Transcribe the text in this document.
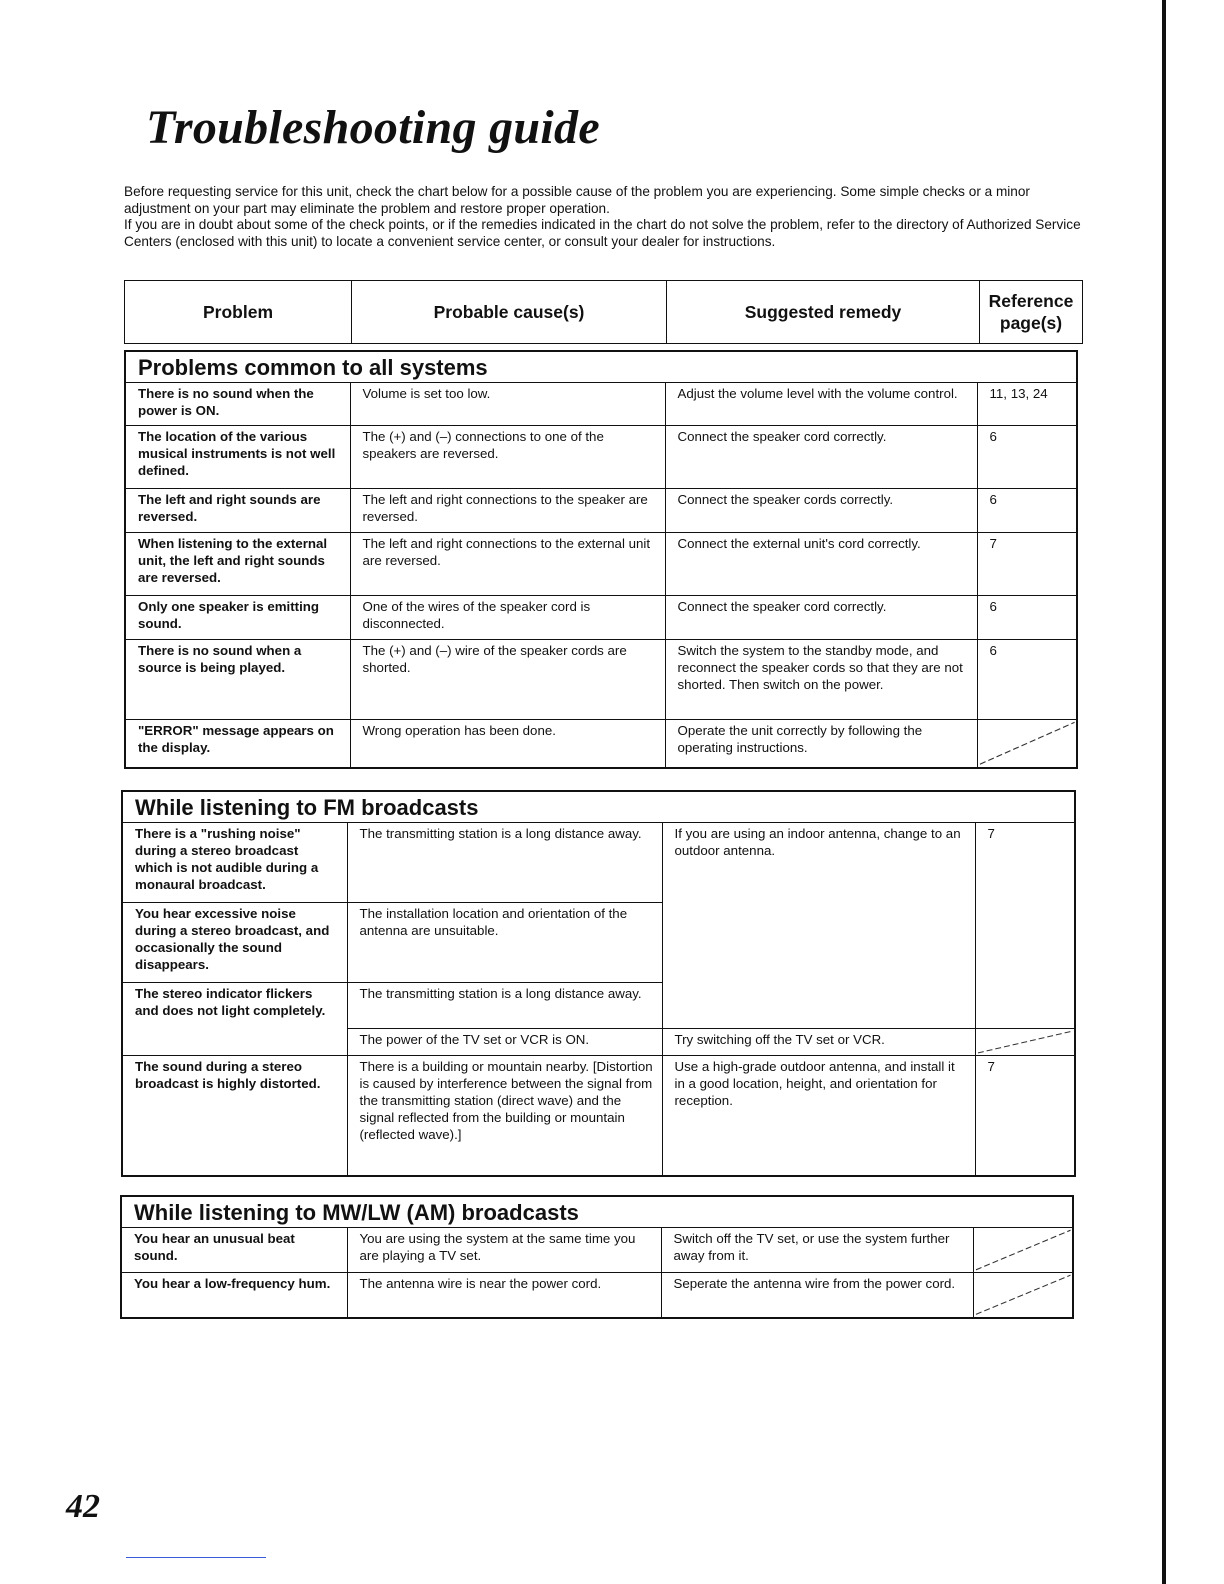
Troubleshooting guide

Before requesting service for this unit, check the chart below for a possible cause of the problem you are experiencing. Some simple checks or a minor adjustment on your part may eliminate the problem and restore proper operation.

If you are in doubt about some of the check points, or if the remedies indicated in the chart do not solve the problem, refer to the directory of Authorized Service Centers (enclosed with this unit) to locate a convenient service center, or consult your dealer for instructions.

Problem	Probable cause(s)	Suggested remedy	Reference page(s)
Problems common to all systems			
There is no sound when the power is ON.	Volume is set too low.	Adjust the volume level with the volume control.	11, 13, 24
The location of the various musical instruments is not well defined.	The (+) and (–) connections to one of the speakers are reversed.	Connect the speaker cord correctly.	6
The left and right sounds are reversed.	The left and right connections to the speaker are reversed.	Connect the speaker cords correctly.	6
When listening to the external unit, the left and right sounds are reversed.	The left and right connections to the external unit are reversed.	Connect the external unit's cord correctly.	7
Only one speaker is emitting sound.	One of the wires of the speaker cord is disconnected.	Connect the speaker cord correctly.	6
There is no sound when a source is being played.	The (+) and (–) wire of the speaker cords are shorted.	Switch the system to the standby mode, and reconnect the speaker cords so that they are not shorted. Then switch on the power.	6
"ERROR" message appears on the display.	Wrong operation has been done.	Operate the unit correctly by following the operating instructions.	
While listening to FM broadcasts			
There is a "rushing noise" during a stereo broadcast which is not audible during a monaural broadcast.	The transmitting station is a long distance away.	If you are using an indoor antenna, change to an outdoor antenna.	7
You hear excessive noise during a stereo broadcast, and occasionally the sound disappears.	The installation location and orientation of the antenna are unsuitable.		
The stereo indicator flickers and does not light completely.	The transmitting station is a long distance away.		
	The power of the TV set or VCR is ON.	Try switching off the TV set or VCR.	

The sound during a stereo broadcast is highly distorted.	There is a building or mountain nearby. [Distortion is caused by interference between the signal from the transmitting station (direct wave) and the signal reflected from the building or mountain (reflected wave).]	Use a high-grade outdoor antenna, and install it in a good location, height, and orientation for reception.	7
While listening to MW/LW (AM) broadcasts			
You hear an unusual beat sound.	You are using the system at the same time you are playing a TV set.	Switch off the TV set, or use the system further away from it.	

You hear a low-frequency hum.	The antenna wire is near the power cord.	Seperate the antenna wire from the power cord.	

42
